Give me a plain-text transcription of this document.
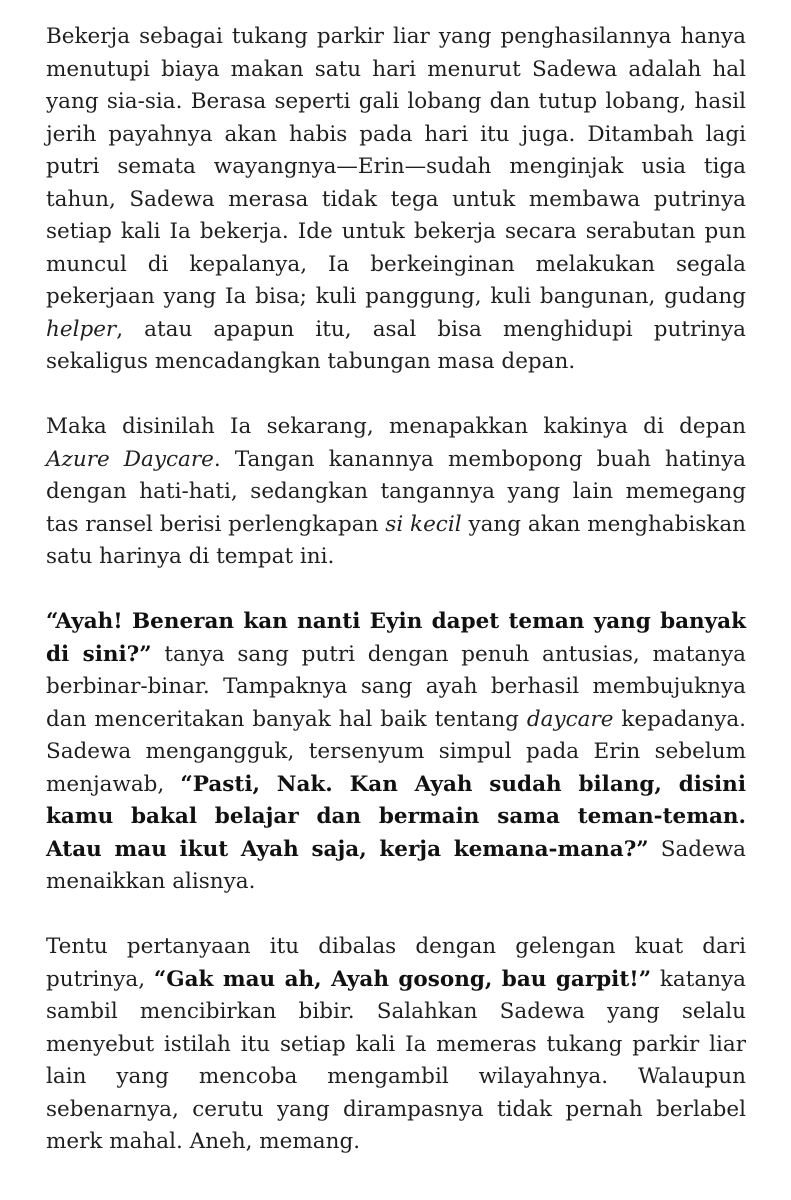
Bekerja sebagai tukang parkir liar yang penghasilannya hanya menutupi biaya makan satu hari menurut Sadewa adalah hal yang sia-sia. Berasa seperti gali lobang dan tutup lobang, hasil jerih payahnya akan habis pada hari itu juga. Ditambah lagi putri semata wayangnya—Erin—sudah menginjak usia tiga tahun, Sadewa merasa tidak tega untuk membawa putrinya setiap kali Ia bekerja. Ide untuk bekerja secara serabutan pun muncul di kepalanya, Ia berkeinginan melakukan segala pekerjaan yang Ia bisa; kuli panggung, kuli bangunan, gudang helper, atau apapun itu, asal bisa menghidupi putrinya sekaligus mencadangkan tabungan masa depan.

Maka disinilah Ia sekarang, menapakkan kakinya di depan Azure Daycare. Tangan kanannya membopong buah hatinya dengan hati-hati, sedangkan tangannya yang lain memegang tas ransel berisi perlengkapan si kecil yang akan menghabiskan satu harinya di tempat ini.

“Ayah! Beneran kan nanti Eyin dapet teman yang banyak di sini?” tanya sang putri dengan penuh antusias, matanya berbinar-binar. Tampaknya sang ayah berhasil membujuknya dan menceritakan banyak hal baik tentang daycare kepadanya. Sadewa mengangguk, tersenyum simpul pada Erin sebelum menjawab, “Pasti, Nak. Kan Ayah sudah bilang, disini kamu bakal belajar dan bermain sama teman-teman. Atau mau ikut Ayah saja, kerja kemana-mana?” Sadewa menaikkan alisnya.

Tentu pertanyaan itu dibalas dengan gelengan kuat dari putrinya, “Gak mau ah, Ayah gosong, bau garpit!” katanya sambil mencibirkan bibir. Salahkan Sadewa yang selalu menyebut istilah itu setiap kali Ia memeras tukang parkir liar lain yang mencoba mengambil wilayahnya. Walaupun sebenarnya, cerutu yang dirampasnya tidak pernah berlabel merk mahal. Aneh, memang.
